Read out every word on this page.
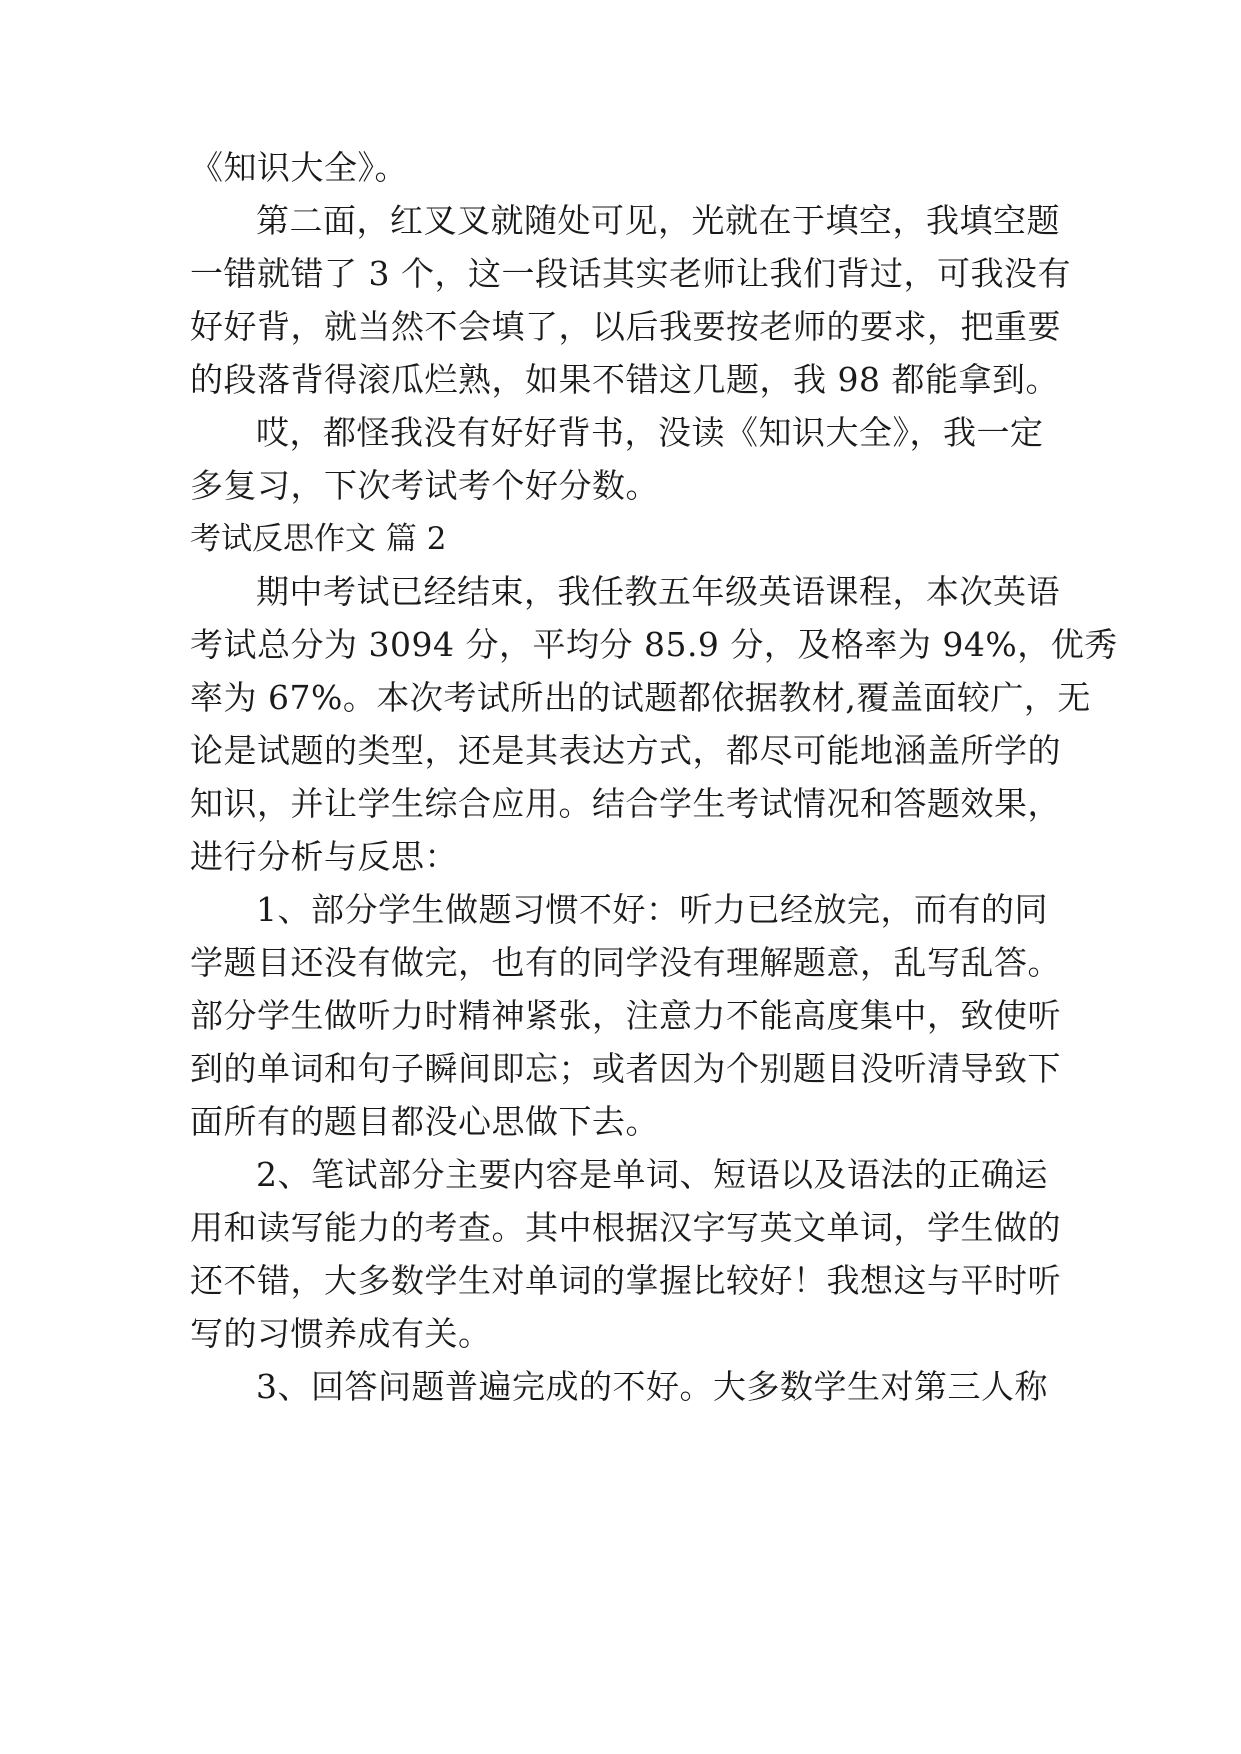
《知识大全》。

第二面，红叉叉就随处可见，光就在于填空，我填空题

一错就错了 3 个，这一段话其实老师让我们背过，可我没有

好好背，就当然不会填了，以后我要按老师的要求，把重要

的段落背得滚瓜烂熟，如果不错这几题，我 98 都能拿到。

哎，都怪我没有好好背书，没读《知识大全》，我一定

多复习，下次考试考个好分数。

考试反思作文 篇 2

期中考试已经结束，我任教五年级英语课程，本次英语

考试总分为 3094 分，平均分 85.9 分，及格率为 94%，优秀

率为 67%。本次考试所出的试题都依据教材,覆盖面较广，无

论是试题的类型，还是其表达方式，都尽可能地涵盖所学的

知识，并让学生综合应用。结合学生考试情况和答题效果，

进行分析与反思：

1、部分学生做题习惯不好：听力已经放完，而有的同

学题目还没有做完，也有的同学没有理解题意，乱写乱答。

部分学生做听力时精神紧张，注意力不能高度集中，致使听

到的单词和句子瞬间即忘；或者因为个别题目没听清导致下

面所有的题目都没心思做下去。

2、笔试部分主要内容是单词、短语以及语法的正确运

用和读写能力的考查。其中根据汉字写英文单词，学生做的

还不错，大多数学生对单词的掌握比较好！我想这与平时听

写的习惯养成有关。

3、回答问题普遍完成的不好。大多数学生对第三人称
